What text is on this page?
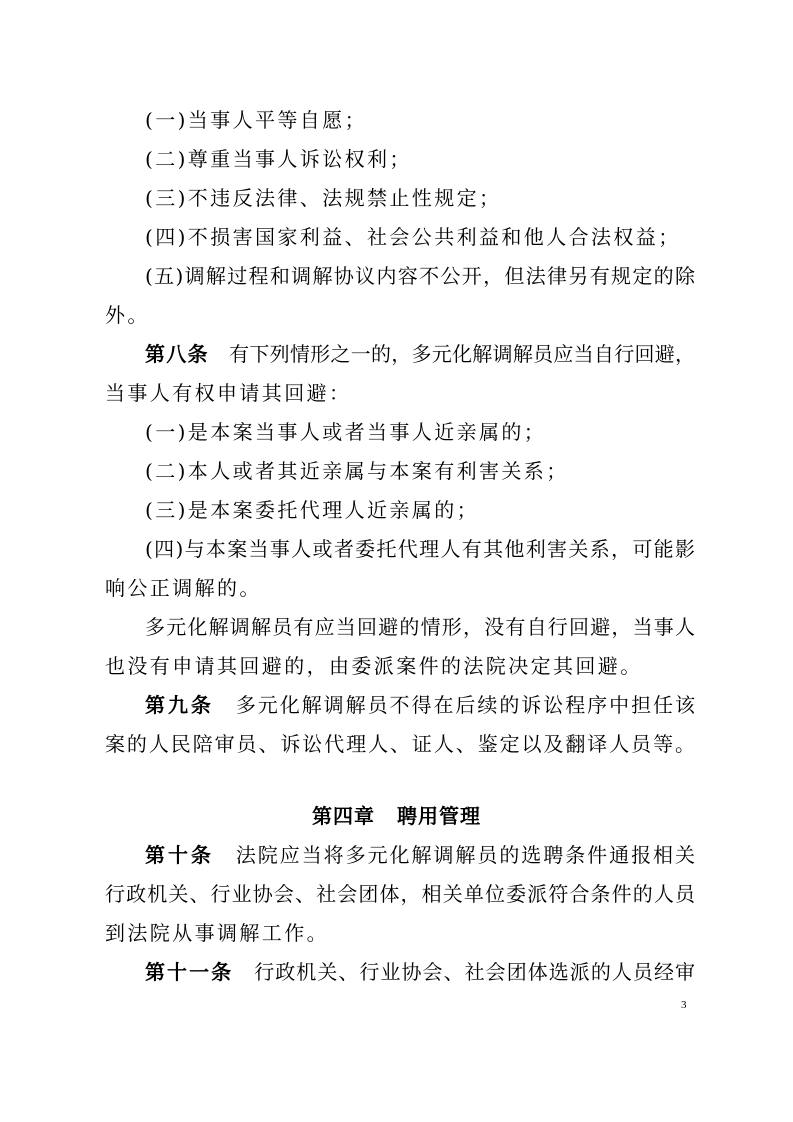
(一)当事人平等自愿；

(二)尊重当事人诉讼权利；

(三)不违反法律、法规禁止性规定；

(四)不损害国家利益、社会公共利益和他人合法权益；

(五)调解过程和调解协议内容不公开，但法律另有规定的除

外。

第八条 有下列情形之一的，多元化解调解员应当自行回避，

当事人有权申请其回避：

(一)是本案当事人或者当事人近亲属的；

(二)本人或者其近亲属与本案有利害关系；

(三)是本案委托代理人近亲属的；

(四)与本案当事人或者委托代理人有其他利害关系，可能影

响公正调解的。

多元化解调解员有应当回避的情形，没有自行回避，当事人

也没有申请其回避的，由委派案件的法院决定其回避。

第九条 多元化解调解员不得在后续的诉讼程序中担任该

案的人民陪审员、诉讼代理人、证人、鉴定以及翻译人员等。

第四章 聘用管理

第十条 法院应当将多元化解调解员的选聘条件通报相关

行政机关、行业协会、社会团体，相关单位委派符合条件的人员

到法院从事调解工作。

第十一条 行政机关、行业协会、社会团体选派的人员经审

3
